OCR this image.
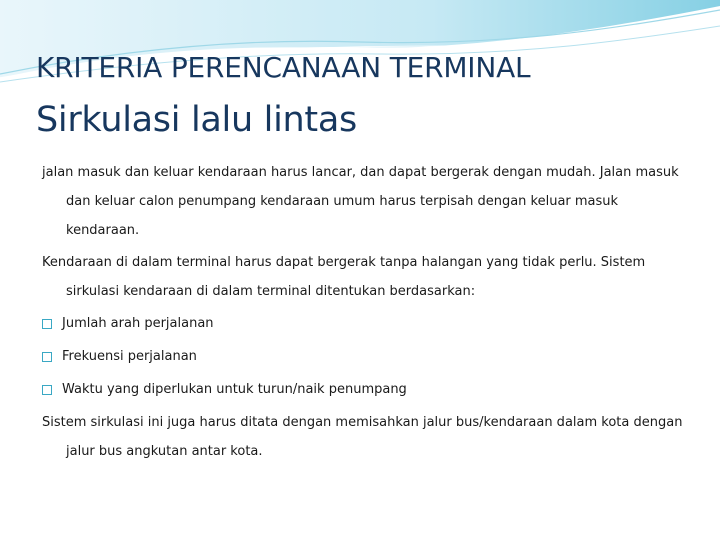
KRITERIA PERENCANAAN TERMINAL
Sirkulasi lalu lintas

jalan masuk dan keluar kendaraan harus lancar, dan dapat bergerak dengan mudah. Jalan masuk dan keluar calon penumpang kendaraan umum harus terpisah dengan keluar masuk kendaraan.

Kendaraan di dalam terminal harus dapat bergerak tanpa halangan yang tidak perlu. Sistem sirkulasi kendaraan di dalam terminal ditentukan berdasarkan:

Jumlah arah perjalanan
Frekuensi perjalanan
Waktu yang diperlukan untuk turun/naik penumpang

Sistem sirkulasi ini juga harus ditata dengan memisahkan jalur bus/kendaraan dalam kota dengan jalur bus angkutan antar kota.
